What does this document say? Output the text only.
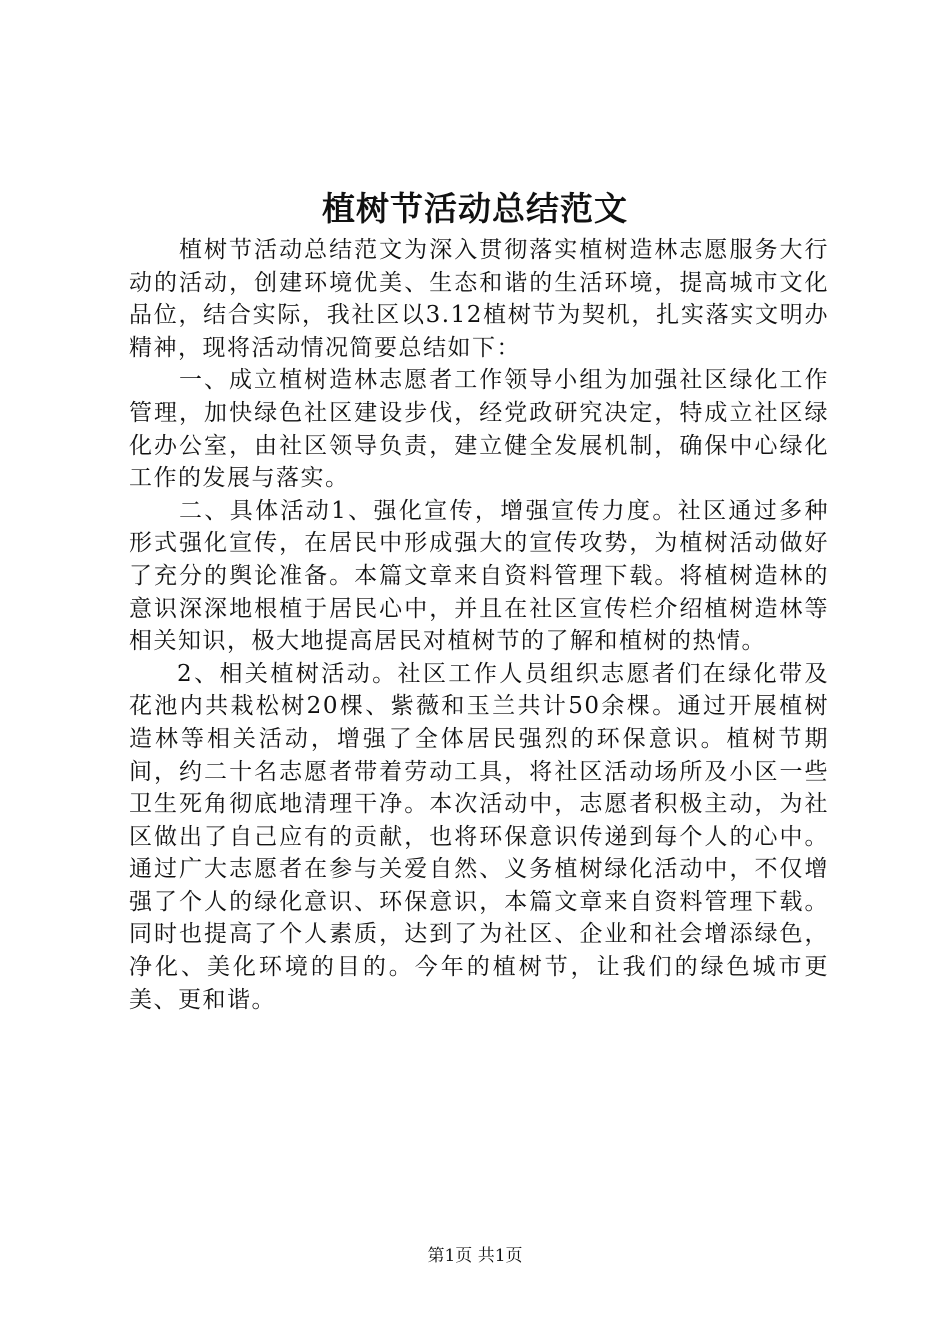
植树节活动总结范文

植树节活动总结范文为深入贯彻落实植树造林志愿服务大行动的活动，创建环境优美、生态和谐的生活环境，提高城市文化品位，结合实际，我社区以3.12植树节为契机，扎实落实文明办精神，现将活动情况简要总结如下：

一、成立植树造林志愿者工作领导小组为加强社区绿化工作管理，加快绿色社区建设步伐，经党政研究决定，特成立社区绿化办公室，由社区领导负责，建立健全发展机制，确保中心绿化工作的发展与落实。

二、具体活动1、强化宣传，增强宣传力度。社区通过多种形式强化宣传，在居民中形成强大的宣传攻势，为植树活动做好了充分的舆论准备。本篇文章来自资料管理下载。将植树造林的意识深深地根植于居民心中，并且在社区宣传栏介绍植树造林等相关知识，极大地提高居民对植树节的了解和植树的热情。

2、相关植树活动。社区工作人员组织志愿者们在绿化带及花池内共栽松树20棵、紫薇和玉兰共计50余棵。通过开展植树造林等相关活动，增强了全体居民强烈的环保意识。植树节期间，约二十名志愿者带着劳动工具，将社区活动场所及小区一些卫生死角彻底地清理干净。本次活动中，志愿者积极主动，为社区做出了自己应有的贡献，也将环保意识传递到每个人的心中。通过广大志愿者在参与关爱自然、义务植树绿化活动中，不仅增强了个人的绿化意识、环保意识，本篇文章来自资料管理下载。同时也提高了个人素质，达到了为社区、企业和社会增添绿色，净化、美化环境的目的。今年的植树节，让我们的绿色城市更美、更和谐。

第1页 共1页
